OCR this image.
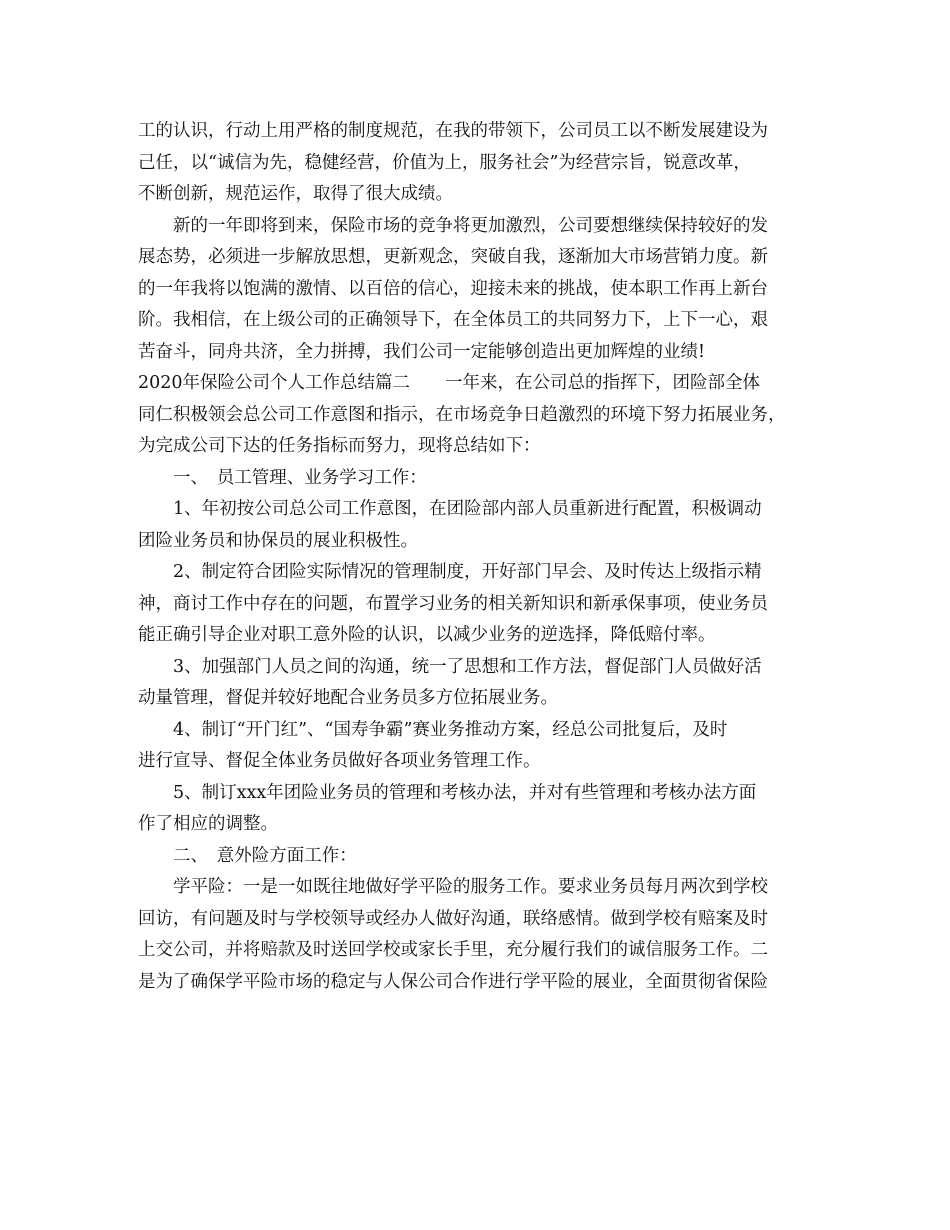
工的认识，行动上用严格的制度规范，在我的带领下，公司员工以不断发展建设为
己任，以“诚信为先，稳健经营，价值为上，服务社会”为经营宗旨，锐意改革，
不断创新，规范运作，取得了很大成绩。
新的一年即将到来，保险市场的竞争将更加激烈，公司要想继续保持较好的发
展态势，必须进一步解放思想，更新观念，突破自我，逐渐加大市场营销力度。新
的一年我将以饱满的激情、以百倍的信心，迎接未来的挑战，使本职工作再上新台
阶。我相信，在上级公司的正确领导下，在全体员工的共同努力下，上下一心，艰
苦奋斗，同舟共济，全力拼搏，我们公司一定能够创造出更加辉煌的业绩!
2020年保险公司个人工作总结篇二　　一年来，在公司总的指挥下，团险部全体
同仁积极领会总公司工作意图和指示，在市场竞争日趋激烈的环境下努力拓展业务，
为完成公司下达的任务指标而努力，现将总结如下：
一、　员工管理、业务学习工作：
1、年初按公司总公司工作意图，在团险部内部人员重新进行配置，积极调动
团险业务员和协保员的展业积极性。
2、制定符合团险实际情况的管理制度，开好部门早会、及时传达上级指示精
神，商讨工作中存在的问题，布置学习业务的相关新知识和新承保事项，使业务员
能正确引导企业对职工意外险的认识，以减少业务的逆选择，降低赔付率。
3、加强部门人员之间的沟通，统一了思想和工作方法，督促部门人员做好活
动量管理，督促并较好地配合业务员多方位拓展业务。
4、制订“开门红”、“国寿争霸”赛业务推动方案，经总公司批复后，及时
进行宣导、督促全体业务员做好各项业务管理工作。
5、制订xxx年团险业务员的管理和考核办法，并对有些管理和考核办法方面
作了相应的调整。
二、　意外险方面工作：
学平险：一是一如既往地做好学平险的服务工作。要求业务员每月两次到学校
回访，有问题及时与学校领导或经办人做好沟通，联络感情。做到学校有赔案及时
上交公司，并将赔款及时送回学校或家长手里，充分履行我们的诚信服务工作。二
是为了确保学平险市场的稳定与人保公司合作进行学平险的展业，全面贯彻省保险
